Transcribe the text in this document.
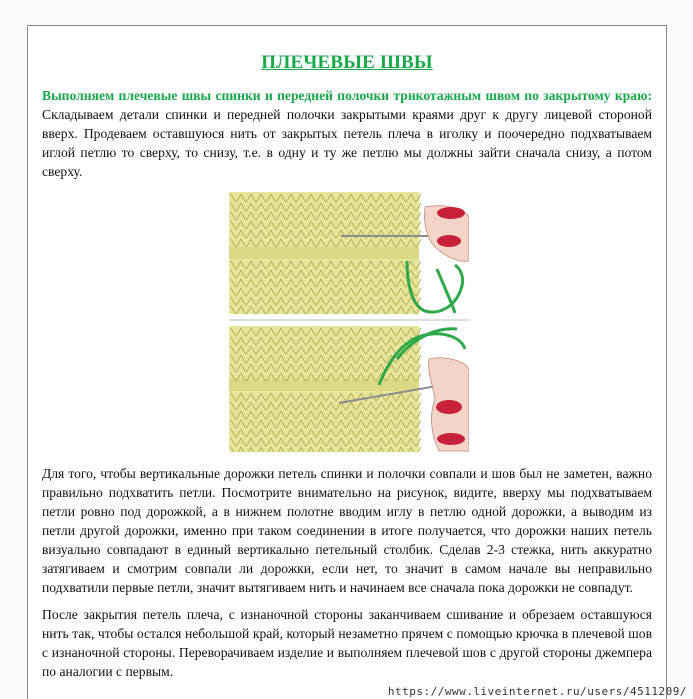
ПЛЕЧЕВЫЕ ШВЫ

Выполняем плечевые швы спинки и передней полочки трикотажным швом по закрытому краю: Складываем детали спинки и передней полочки закрытыми краями друг к другу лицевой стороной вверх. Продеваем оставшуюся нить от закрытых петель плеча в иголку и поочередно подхватываем иглой петлю то сверху, то снизу, т.е. в одну и ту же петлю мы должны зайти сначала снизу, а потом сверху.

Для того, чтобы вертикальные дорожки петель спинки и полочки совпали и шов был не заметен, важно правильно подхватить петли. Посмотрите внимательно на рисунок, видите, вверху мы подхватываем петли ровно под дорожкой, а в нижнем полотне вводим иглу в петлю одной дорожки, а выводим из петли другой дорожки, именно при таком соединении в итоге получается, что дорожки наших петель визуально совпадают в единый вертикально петельный столбик. Сделав 2-3 стежка, нить аккуратно затягиваем и смотрим совпали ли дорожки, если нет, то значит в самом начале вы неправильно подхватили первые петли, значит вытягиваем нить и начинаем все сначала пока дорожки не совпадут.

После закрытия петель плеча, с изнаночной стороны заканчиваем сшивание и обрезаем оставшуюся нить так, чтобы остался небольшой край, который незаметно прячем с помощью крючка в плечевой шов с изнаночной стороны. Переворачиваем изделие и выполняем плечевой шов с другой стороны джемпера по аналогии с первым.

https://www.liveinternet.ru/users/4511209/
